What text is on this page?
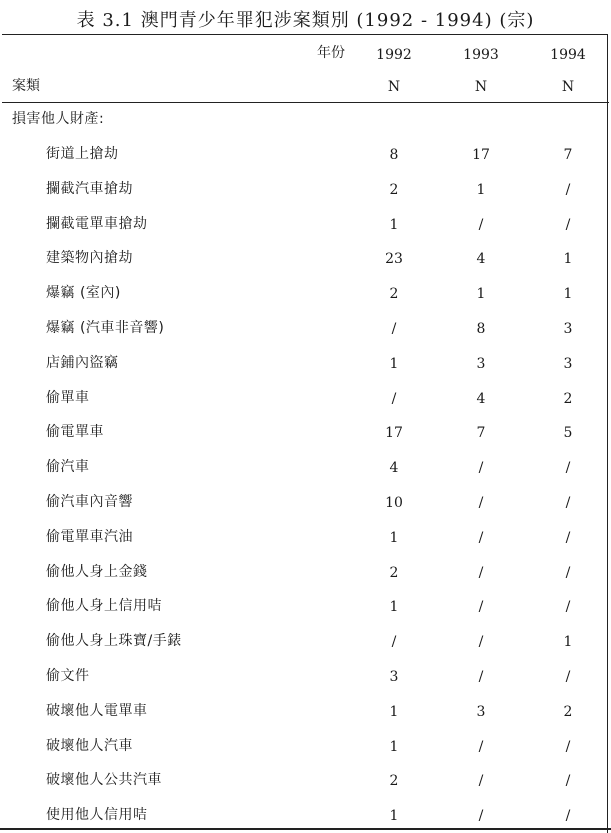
表 3.1 澳門青少年罪犯涉案類別 (1992 - 1994) (宗)
年份	1992	1993	1994
案類	N	N	N
損害他人財產:
街道上搶劫	8	17	7
攔截汽車搶劫	2	1	/
攔截電單車搶劫	1	/	/
建築物內搶劫	23	4	1
爆竊 (室內)	2	1	1
爆竊 (汽車非音響)	/	8	3
店鋪內盜竊	1	3	3
偷單車	/	4	2
偷電單車	17	7	5
偷汽車	4	/	/
偷汽車內音響	10	/	/
偷電單車汽油	1	/	/
偷他人身上金錢	2	/	/
偷他人身上信用咭	1	/	/
偷他人身上珠寶/手錶	/	/	1
偷文件	3	/	/
破壞他人電單車	1	3	2
破壞他人汽車	1	/	/
破壞他人公共汽車	2	/	/
使用他人信用咭	1	/	/
